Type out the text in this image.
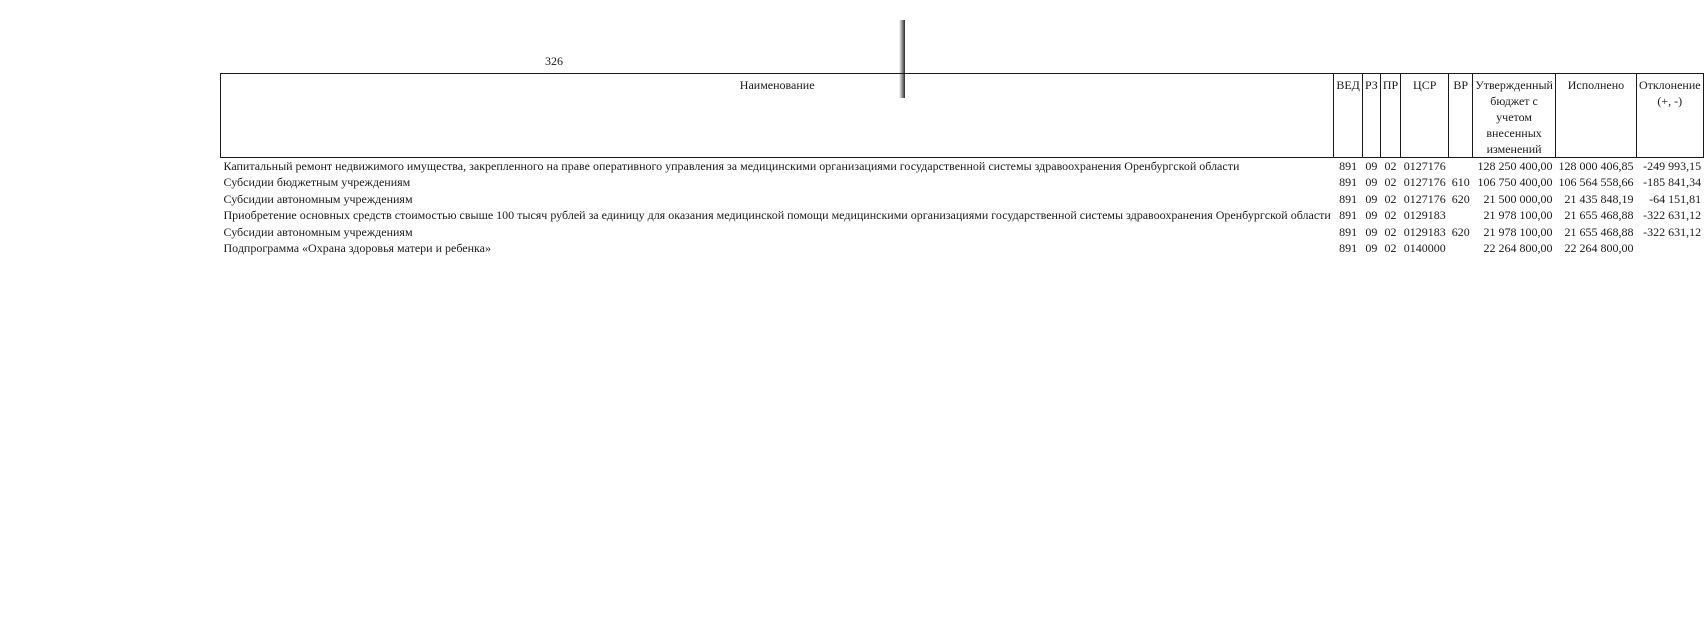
326
Наименование	ВЕД	РЗ	ПР	ЦСР	ВР	Утвержденный бюджет с учетом внесенных изменений	Исполнено	Отклонение (+, -)
Капитальный ремонт недвижимого имущества, закрепленного на праве оперативного управления за медицинскими организациями государственной системы здравоохранения Оренбургской области	891	09	02	0127176		128 250 400,00	128 000 406,85	-249 993,15
Субсидии бюджетным учреждениям	891	09	02	0127176	610	106 750 400,00	106 564 558,66	-185 841,34
Субсидии автономным учреждениям	891	09	02	0127176	620	21 500 000,00	21 435 848,19	-64 151,81
Приобретение основных средств стоимостью свыше 100 тысяч рублей за единицу для оказания медицинской помощи медицинскими организациями государственной системы здравоохранения Оренбургской области	891	09	02	0129183		21 978 100,00	21 655 468,88	-322 631,12
Субсидии автономным учреждениям	891	09	02	0129183	620	21 978 100,00	21 655 468,88	-322 631,12
Подпрограмма «Охрана здоровья матери и ребенка»	891	09	02	0140000		22 264 800,00	22 264 800,00	
